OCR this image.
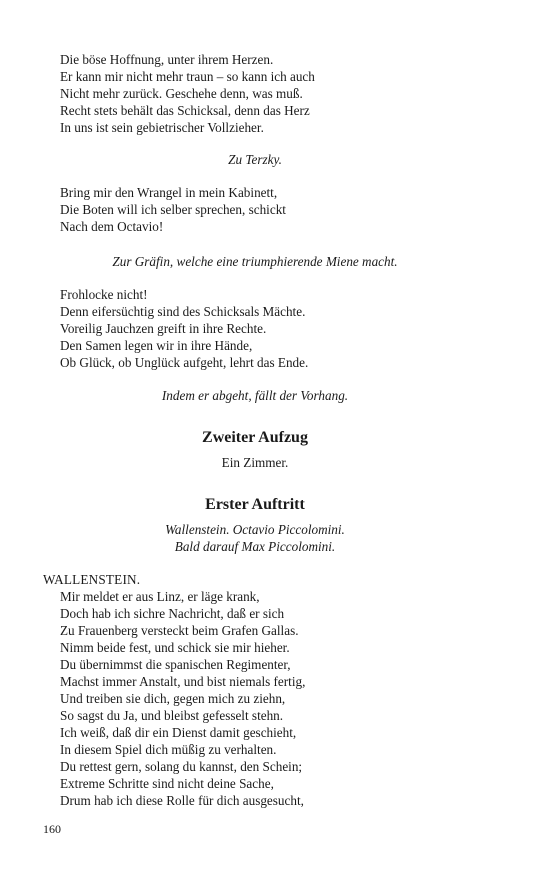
Die böse Hoffnung, unter ihrem Herzen.
Er kann mir nicht mehr traun – so kann ich auch
Nicht mehr zurück. Geschehe denn, was muß.
Recht stets behält das Schicksal, denn das Herz
In uns ist sein gebietrischer Vollzieher.
Zu Terzky.
Bring mir den Wrangel in mein Kabinett,
Die Boten will ich selber sprechen, schickt
Nach dem Octavio!
Zur Gräfin, welche eine triumphierende Miene macht.
Frohlocke nicht!
Denn eifersüchtig sind des Schicksals Mächte.
Voreilig Jauchzen greift in ihre Rechte.
Den Samen legen wir in ihre Hände,
Ob Glück, ob Unglück aufgeht, lehrt das Ende.
Indem er abgeht, fällt der Vorhang.
Zweiter Aufzug
Ein Zimmer.
Erster Auftritt
Wallenstein. Octavio Piccolomini.
Bald darauf Max Piccolomini.
WALLENSTEIN.
Mir meldet er aus Linz, er läge krank,
Doch hab ich sichre Nachricht, daß er sich
Zu Frauenberg versteckt beim Grafen Gallas.
Nimm beide fest, und schick sie mir hieher.
Du übernimmst die spanischen Regimenter,
Machst immer Anstalt, und bist niemals fertig,
Und treiben sie dich, gegen mich zu ziehn,
So sagst du Ja, und bleibst gefesselt stehn.
Ich weiß, daß dir ein Dienst damit geschieht,
In diesem Spiel dich müßig zu verhalten.
Du rettest gern, solang du kannst, den Schein;
Extreme Schritte sind nicht deine Sache,
Drum hab ich diese Rolle für dich ausgesucht,
160
